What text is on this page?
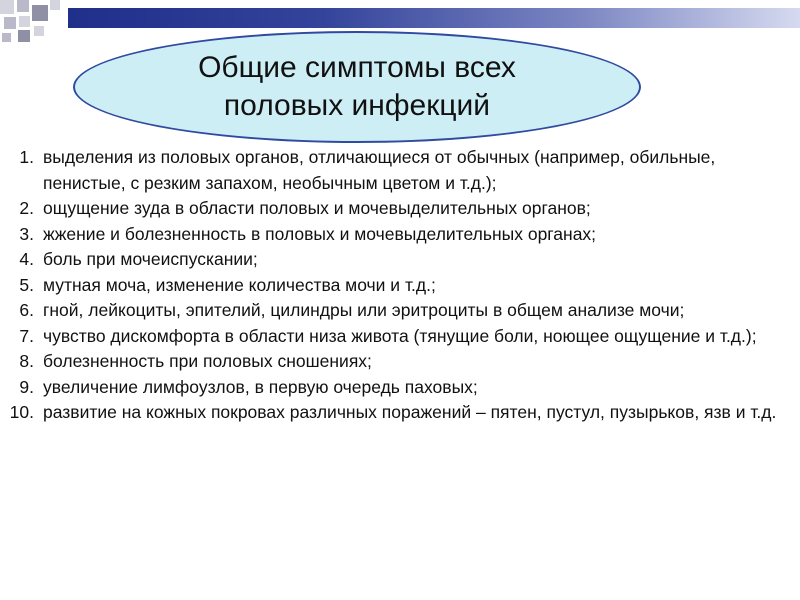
Общие симптомы всех половых инфекций
1. выделения из половых органов, отличающиеся от обычных (например, обильные, пенистые, с резким запахом, необычным цветом и т.д.);
2. ощущение зуда в области половых и мочевыделительных органов;
3. жжение и болезненность в половых и мочевыделительных органах;
4. боль при мочеиспускании;
5. мутная моча, изменение количества мочи и т.д.;
6. гной, лейкоциты, эпителий, цилиндры или эритроциты в общем анализе мочи;
7. чувство дискомфорта в области низа живота (тянущие боли, ноющее ощущение и т.д.);
8. болезненность при половых сношениях;
9. увеличение лимфоузлов, в первую очередь паховых;
10. развитие на кожных покровах различных поражений – пятен, пустул, пузырьков, язв и т.д.
